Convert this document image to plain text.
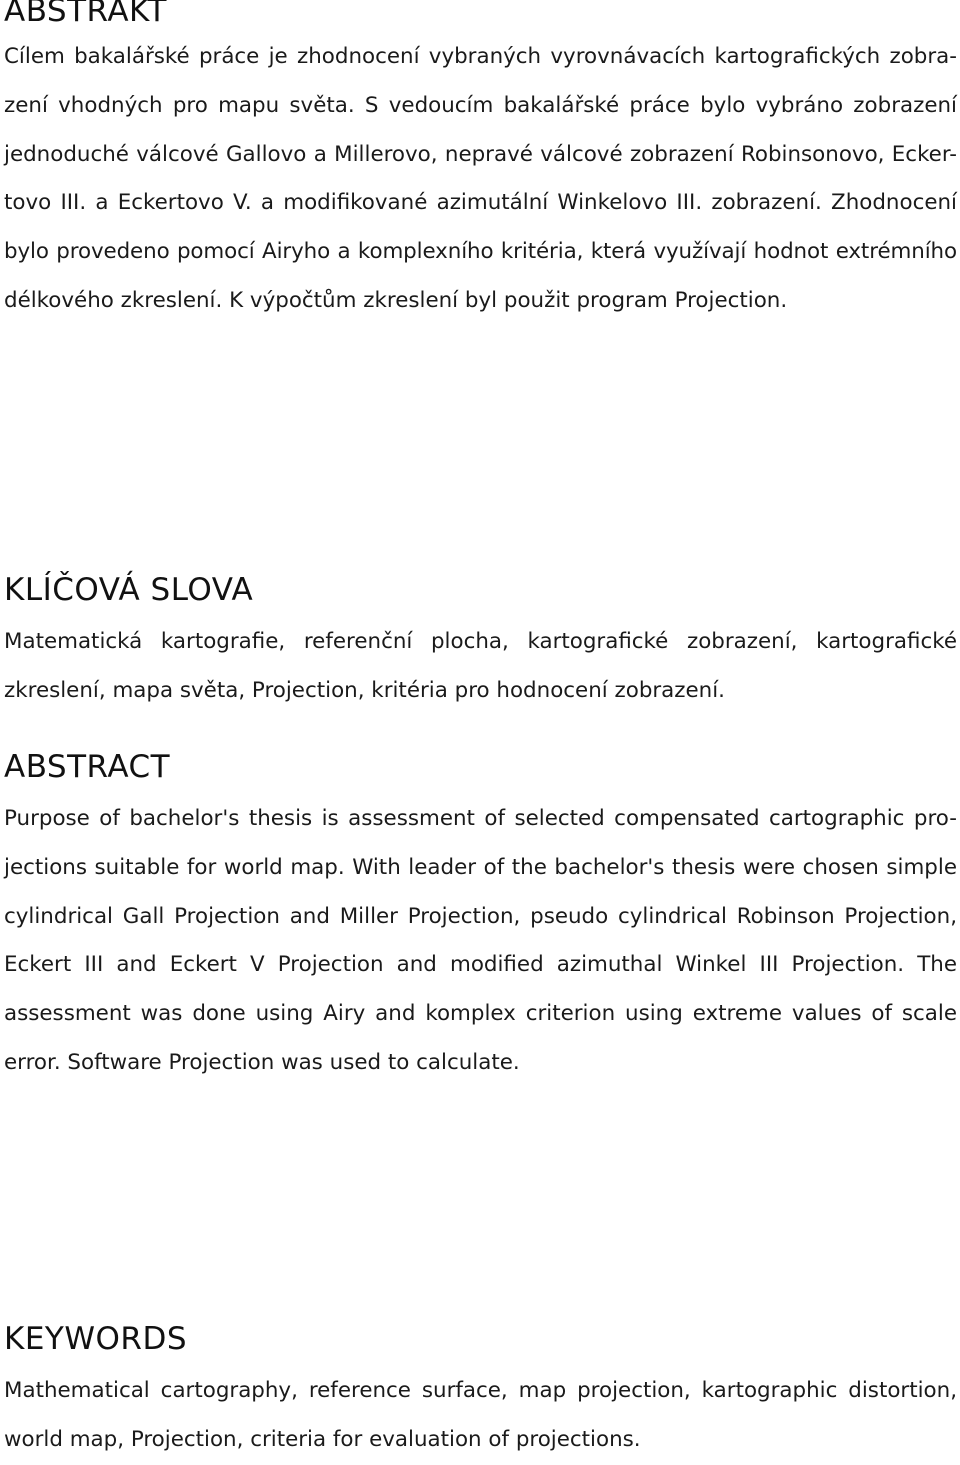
ABSTRAKT

Cílem bakalářské práce je zhodnocení vybraných vyrovnávacích kartografických zobra-
zení vhodných pro mapu světa. S vedoucím bakalářské práce bylo vybráno zobrazení
jednoduché válcové Gallovo a Millerovo, nepravé válcové zobrazení Robinsonovo, Ecker-
tovo III. a Eckertovo V. a modifikované azimutální Winkelovo III. zobrazení. Zhodnocení
bylo provedeno pomocí Airyho a komplexního kritéria, která využívají hodnot extrémního
délkového zkreslení. K výpočtům zkreslení byl použit program Projection.

KLÍČOVÁ SLOVA

Matematická kartografie, referenční plocha, kartografické zobrazení, kartografické
zkreslení, mapa světa, Projection, kritéria pro hodnocení zobrazení.

ABSTRACT

Purpose of bachelor's thesis is assessment of selected compensated cartographic pro-
jections suitable for world map. With leader of the bachelor's thesis were chosen simple
cylindrical Gall Projection and Miller Projection, pseudo cylindrical Robinson Projection,
Eckert III and Eckert V Projection and modified azimuthal Winkel III Projection. The
assessment was done using Airy and komplex criterion using extreme values of scale
error. Software Projection was used to calculate.

KEYWORDS

Mathematical cartography, reference surface, map projection, kartographic distortion,
world map, Projection, criteria for evaluation of projections.
